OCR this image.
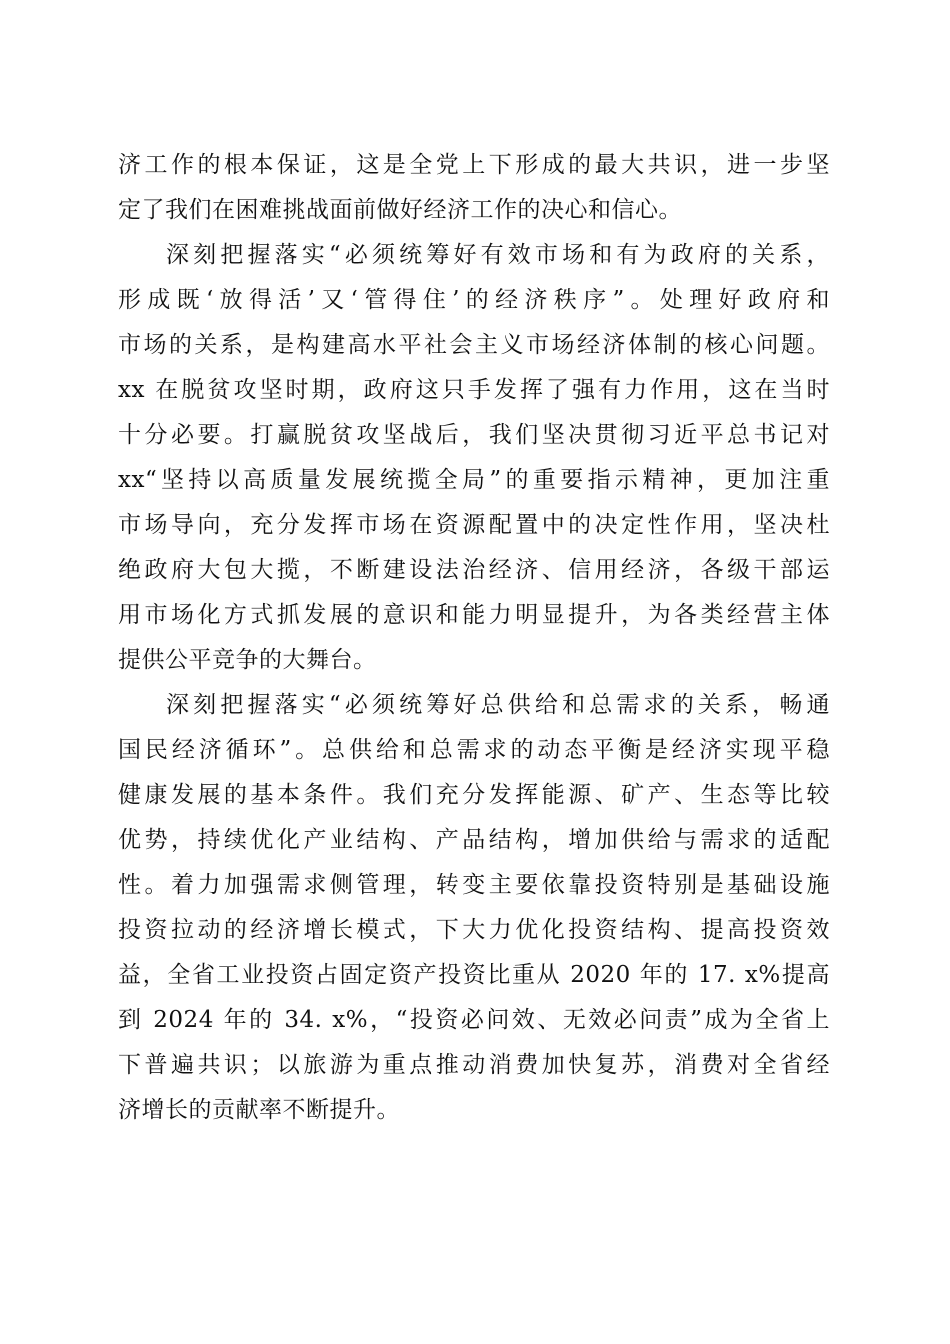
济工作的根本保证，这是全党上下形成的最大共识，进一步坚
定了我们在困难挑战面前做好经济工作的决心和信心。
深刻把握落实“必须统筹好有效市场和有为政府的关系，
形成既‘放得活’又‘管得住’的经济秩序”。处理好政府和
市场的关系，是构建高水平社会主义市场经济体制的核心问题。
xx 在脱贫攻坚时期，政府这只手发挥了强有力作用，这在当时
十分必要。打赢脱贫攻坚战后，我们坚决贯彻习近平总书记对
xx“坚持以高质量发展统揽全局”的重要指示精神，更加注重
市场导向，充分发挥市场在资源配置中的决定性作用，坚决杜
绝政府大包大揽，不断建设法治经济、信用经济，各级干部运
用市场化方式抓发展的意识和能力明显提升，为各类经营主体
提供公平竞争的大舞台。
深刻把握落实“必须统筹好总供给和总需求的关系，畅通
国民经济循环”。总供给和总需求的动态平衡是经济实现平稳
健康发展的基本条件。我们充分发挥能源、矿产、生态等比较
优势，持续优化产业结构、产品结构，增加供给与需求的适配
性。着力加强需求侧管理，转变主要依靠投资特别是基础设施
投资拉动的经济增长模式，下大力优化投资结构、提高投资效
益，全省工业投资占固定资产投资比重从 2020 年的 17. x%提高
到 2024 年的 34. x%，“投资必问效、无效必问责”成为全省上
下普遍共识；以旅游为重点推动消费加快复苏，消费对全省经
济增长的贡献率不断提升。
